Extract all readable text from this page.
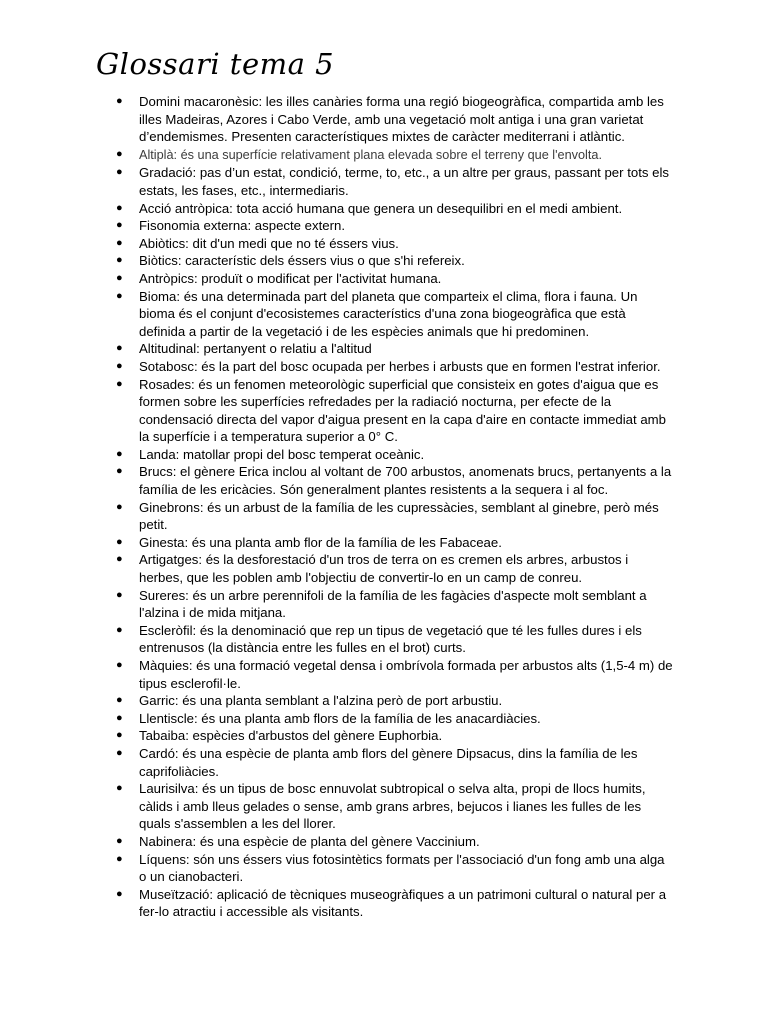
Glossari tema 5
● Domini macaronèsic: les illes canàries forma una regió biogeogràfica, compartida amb les illes Madeiras, Azores i Cabo Verde, amb una vegetació molt antiga i una gran varietat d’endemismes. Presenten característiques mixtes de caràcter mediterrani i atlàntic.
● Altiplà: és una superfície relativament plana elevada sobre el terreny que l'envolta.
● Gradació: pas d’un estat, condició, terme, to, etc., a un altre per graus, passant per tots els estats, les fases, etc., intermediaris.
● Acció antròpica: tota acció humana que genera un desequilibri en el medi ambient.
● Fisonomia externa: aspecte extern.
● Abiòtics: dit d'un medi que no té éssers vius.
● Biòtics: característic dels éssers vius o que s'hi refereix.
● Antròpics: produït o modificat per l'activitat humana.
● Bioma: és una determinada part del planeta que comparteix el clima, flora i fauna. Un bioma és el conjunt d'ecosistemes característics d'una zona biogeogràfica que està definida a partir de la vegetació i de les espècies animals que hi predominen.
● Altitudinal: pertanyent o relatiu a l'altitud
● Sotabosc: és la part del bosc ocupada per herbes i arbusts que en formen l'estrat inferior.
● Rosades: és un fenomen meteorològic superficial que consisteix en gotes d'aigua que es formen sobre les superfícies refredades per la radiació nocturna, per efecte de la condensació directa del vapor d'aigua present en la capa d'aire en contacte immediat amb la superfície i a temperatura superior a 0° C.
● Landa: matollar propi del bosc temperat oceànic.
● Brucs: el gènere Erica inclou al voltant de 700 arbustos, anomenats brucs, pertanyents a la família de les ericàcies. Són generalment plantes resistents a la sequera i al foc.
● Ginebrons: és un arbust de la família de les cupressàcies, semblant al ginebre, però més petit.
● Ginesta: és una planta amb flor de la família de les Fabaceae.
● Artigatges: és la desforestació d'un tros de terra on es cremen els arbres, arbustos i herbes, que les poblen amb l'objectiu de convertir-lo en un camp de conreu.
● Sureres: és un arbre perennifoli de la família de les fagàcies d'aspecte molt semblant a l'alzina i de mida mitjana.
● Escleròfil: és la denominació que rep un tipus de vegetació que té les fulles dures i els entrenusos (la distància entre les fulles en el brot) curts.
● Màquies: és una formació vegetal densa i ombrívola formada per arbustos alts (1,5-4 m) de tipus esclerofil·le.
● Garric: és una planta semblant a l'alzina però de port arbustiu.
● Llentiscle: és una planta amb flors de la família de les anacardiàcies.
● Tabaiba: espècies d'arbustos del gènere Euphorbia.
● Cardó: és una espècie de planta amb flors del gènere Dipsacus, dins la família de les caprifoliàcies.
● Laurisilva: és un tipus de bosc ennuvolat subtropical o selva alta, propi de llocs humits, càlids i amb lleus gelades o sense, amb grans arbres, bejucos i lianes les fulles de les quals s'assemblen a les del llorer.
● Nabinera: és una espècie de planta del gènere Vaccinium.
● Líquens: són uns éssers vius fotosintètics formats per l'associació d'un fong amb una alga o un cianobacteri.
● Museïtzació: aplicació de tècniques museogràfiques a un patrimoni cultural o natural per a fer-lo atractiu i accessible als visitants.
